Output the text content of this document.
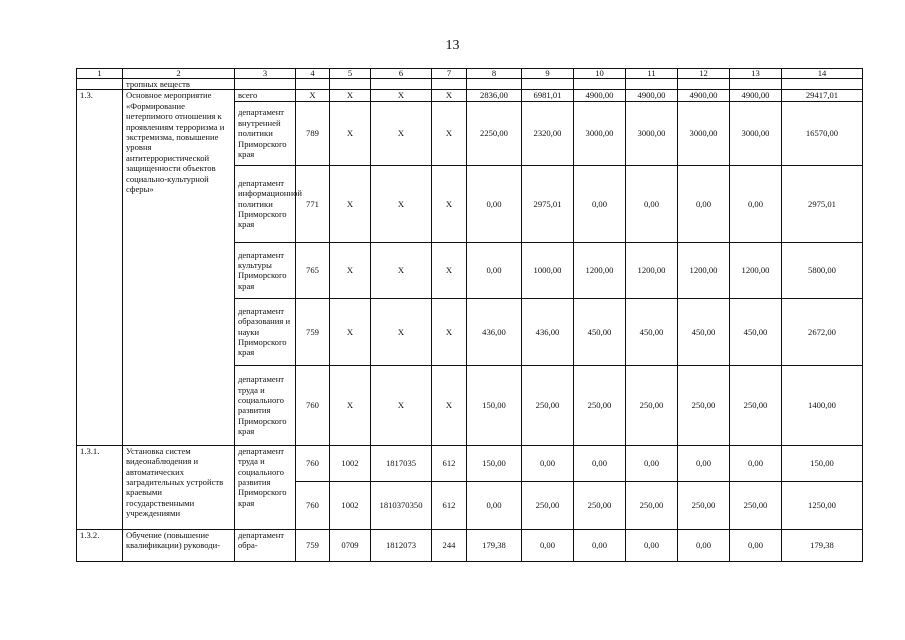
13
1	2	3	4	5	6	7	8	9	10	11	12	13	14
	тропных веществ												
1.3.	Основное мероприятие «Формирование нетерпимого отношения к проявлениям терроризма и экстремизма, повышение уровня антитеррористической защищенности объектов социально-культурной сферы»	всего	X	X	X	X	2836,00	6981,01	4900,00	4900,00	4900,00	4900,00	29417,01
		департамент внутренней политики Приморского края	789	X	X	X	2250,00	2320,00	3000,00	3000,00	3000,00	3000,00	16570,00
		департамент информационной политики Приморского края	771	X	X	X	0,00	2975,01	0,00	0,00	0,00	0,00	2975,01
		департамент культуры Приморского края	765	X	X	X	0,00	1000,00	1200,00	1200,00	1200,00	1200,00	5800,00
		департамент образования и науки Приморского края	759	X	X	X	436,00	436,00	450,00	450,00	450,00	450,00	2672,00
		департамент труда и социального развития Приморского края	760	X	X	X	150,00	250,00	250,00	250,00	250,00	250,00	1400,00
1.3.1.	Установка систем видеонаблюдения и автоматических заградительных устройств краевыми государственными учреждениями	департамент труда и социального развития Приморского края	760	1002	1817035	612	150,00	0,00	0,00	0,00	0,00	0,00	150,00
			760	1002	1810370350	612	0,00	250,00	250,00	250,00	250,00	250,00	1250,00
1.3.2.	Обучение (повышение квалификации) руководи-	департамент обра-	759	0709	1812073	244	179,38	0,00	0,00	0,00	0,00	0,00	179,38
